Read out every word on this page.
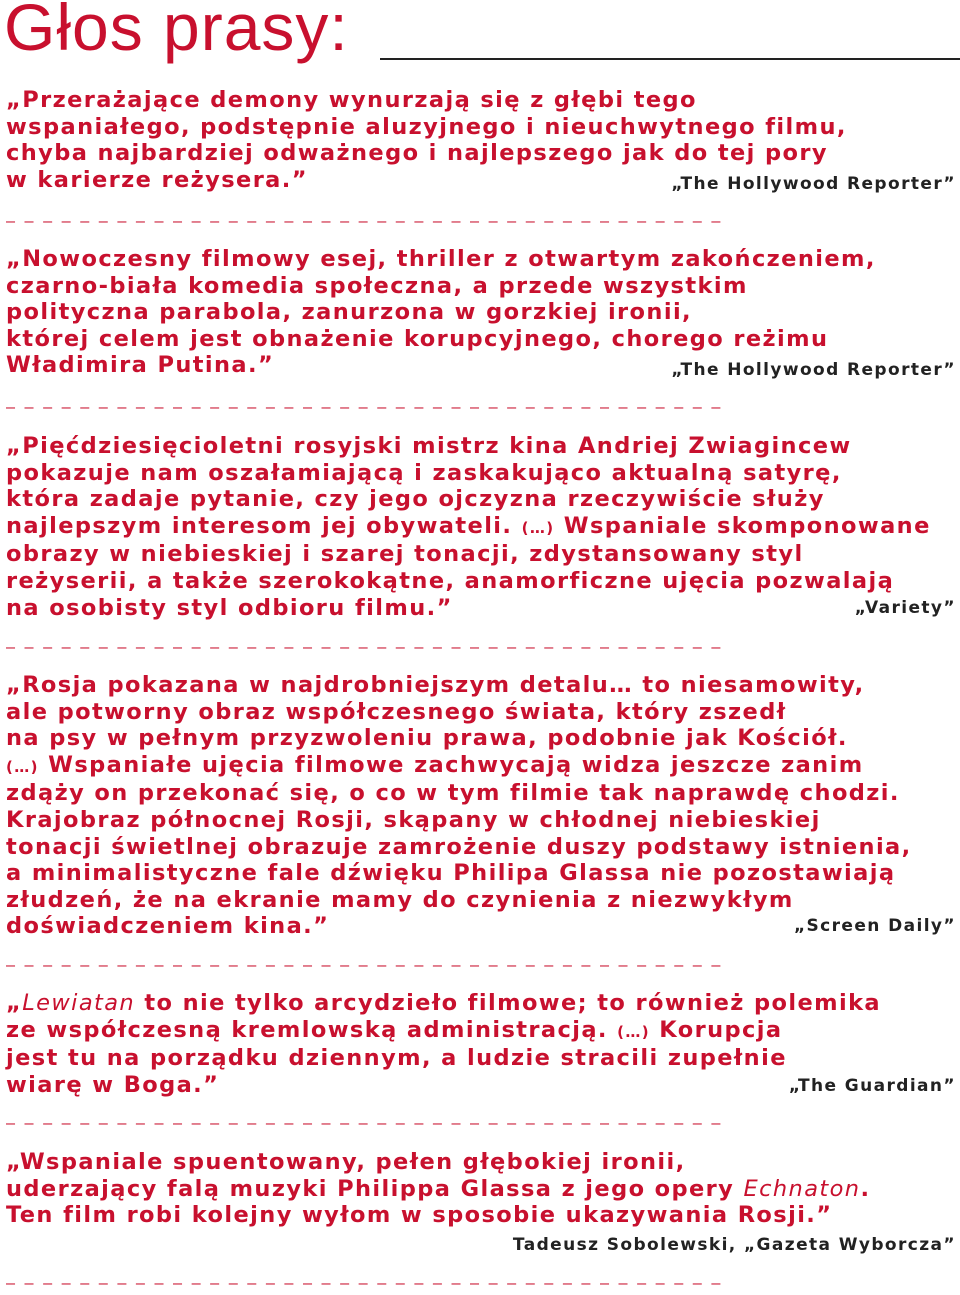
Głos prasy:

„Przerażające demony wynurzają się z głębi tego
wspaniałego, podstępnie aluzyjnego i nieuchwytnego filmu,
chyba najbardziej odważnego i najlepszego jak do tej pory
w karierze reżysera.”	„The Hollywood Reporter”

— — — — — — — — — — — — — — — — — — — — — — — — — — — — — — — — — — — — — — —

„Nowoczesny filmowy esej, thriller z otwartym zakończeniem,
czarno-biała komedia społeczna, a przede wszystkim
polityczna parabola, zanurzona w gorzkiej ironii,
której celem jest obnażenie korupcyjnego, chorego reżimu
Władimira Putina.”	„The Hollywood Reporter”

— — — — — — — — — — — — — — — — — — — — — — — — — — — — — — — — — — — — — — —

„Pięćdziesięcioletni rosyjski mistrz kina Andriej Zwiagincew
pokazuje nam oszałamiającą i zaskakująco aktualną satyrę,
która zadaje pytanie, czy jego ojczyzna rzeczywiście służy
najlepszym interesom jej obywateli. (…) Wspaniale skomponowane
obrazy w niebieskiej i szarej tonacji, zdystansowany styl
reżyserii, a także szerokokątne, anamorficzne ujęcia pozwalają
na osobisty styl odbioru filmu.”	„Variety”

— — — — — — — — — — — — — — — — — — — — — — — — — — — — — — — — — — — — — — —

„Rosja pokazana w najdrobniejszym detalu… to niesamowity,
ale potworny obraz współczesnego świata, który zszedł
na psy w pełnym przyzwoleniu prawa, podobnie jak Kościół.
(…) Wspaniałe ujęcia filmowe zachwycają widza jeszcze zanim
zdąży on przekonać się, o co w tym filmie tak naprawdę chodzi.
Krajobraz północnej Rosji, skąpany w chłodnej niebieskiej
tonacji świetlnej obrazuje zamrożenie duszy podstawy istnienia,
a minimalistyczne fale dźwięku Philipa Glassa nie pozostawiają
złudzeń, że na ekranie mamy do czynienia z niezwykłym
doświadczeniem kina.”	„Screen Daily”

— — — — — — — — — — — — — — — — — — — — — — — — — — — — — — — — — — — — — — —

„Lewiatan to nie tylko arcydzieło filmowe; to również polemika
ze współczesną kremlowską administracją. (…) Korupcja
jest tu na porządku dziennym, a ludzie stracili zupełnie
wiarę w Boga.”	„The Guardian”

— — — — — — — — — — — — — — — — — — — — — — — — — — — — — — — — — — — — — — —

„Wspaniale spuentowany, pełen głębokiej ironii,
uderzający falą muzyki Philippa Glassa z jego opery Echnaton.
Ten film robi kolejny wyłom w sposobie ukazywania Rosji.”

Tadeusz Sobolewski, „Gazeta Wyborcza”

— — — — — — — — — — — — — — — — — — — — — — — — — — — — — — — — — — — — — — —
